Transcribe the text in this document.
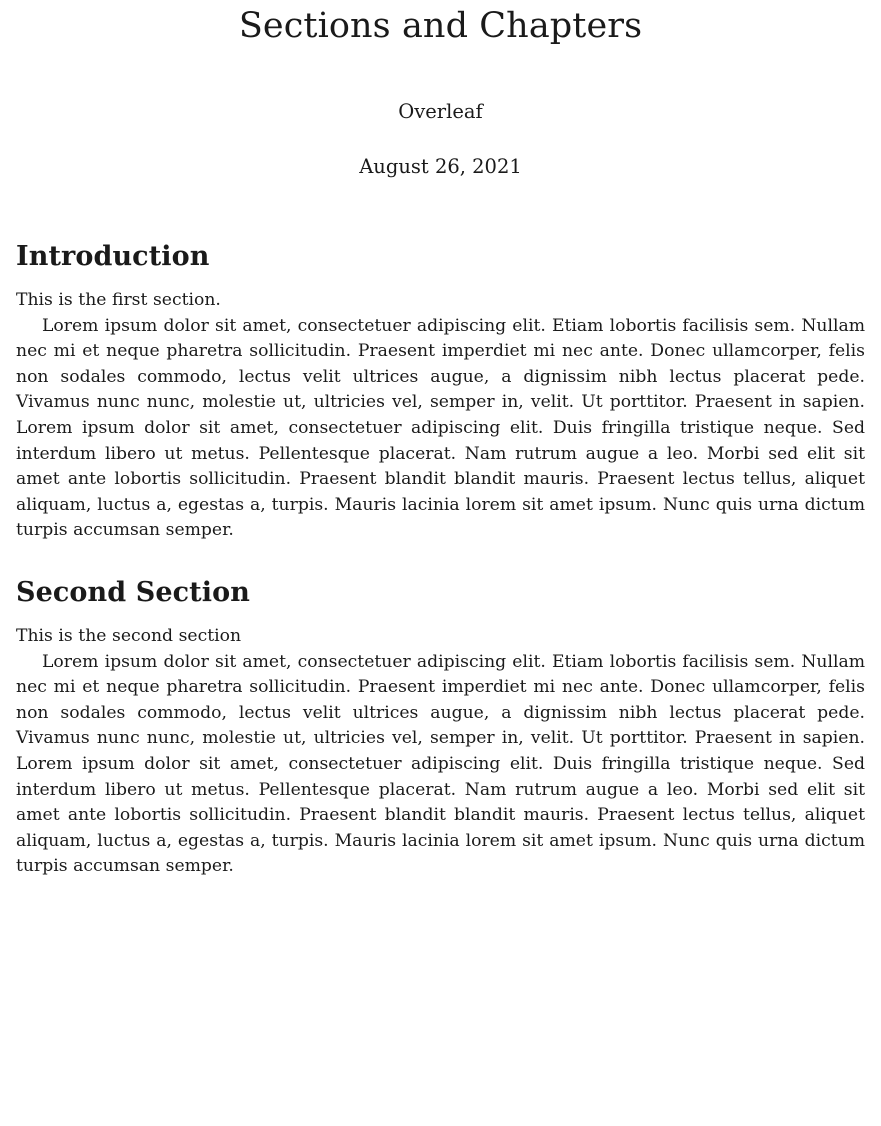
Sections and Chapters

Overleaf

August 26, 2021

Introduction

This is the first section.

Lorem ipsum dolor sit amet, consectetuer adipiscing elit. Etiam lobortis facilisis sem. Nullam nec mi et neque pharetra sollicitudin. Praesent imperdiet mi nec ante. Donec ullamcorper, felis non sodales commodo, lectus velit ultrices augue, a dignissim nibh lectus placerat pede. Vivamus nunc nunc, molestie ut, ultricies vel, semper in, velit. Ut porttitor. Praesent in sapien. Lorem ipsum dolor sit amet, consectetuer adipiscing elit. Duis fringilla tristique neque. Sed interdum libero ut metus. Pellentesque placerat. Nam rutrum augue a leo. Morbi sed elit sit amet ante lobortis sollicitudin. Praesent blandit blandit mauris. Praesent lectus tellus, aliquet aliquam, luctus a, egestas a, turpis. Mauris lacinia lorem sit amet ipsum. Nunc quis urna dictum turpis accumsan semper.

Second Section

This is the second section

Lorem ipsum dolor sit amet, consectetuer adipiscing elit. Etiam lobortis facilisis sem. Nullam nec mi et neque pharetra sollicitudin. Praesent imperdiet mi nec ante. Donec ullamcorper, felis non sodales commodo, lectus velit ultrices augue, a dignissim nibh lectus placerat pede. Vivamus nunc nunc, molestie ut, ultricies vel, semper in, velit. Ut porttitor. Praesent in sapien. Lorem ipsum dolor sit amet, consectetuer adipiscing elit. Duis fringilla tristique neque. Sed interdum libero ut metus. Pellentesque placerat. Nam rutrum augue a leo. Morbi sed elit sit amet ante lobortis sollicitudin. Praesent blandit blandit mauris. Praesent lectus tellus, aliquet aliquam, luctus a, egestas a, turpis. Mauris lacinia lorem sit amet ipsum. Nunc quis urna dictum turpis accumsan semper.
